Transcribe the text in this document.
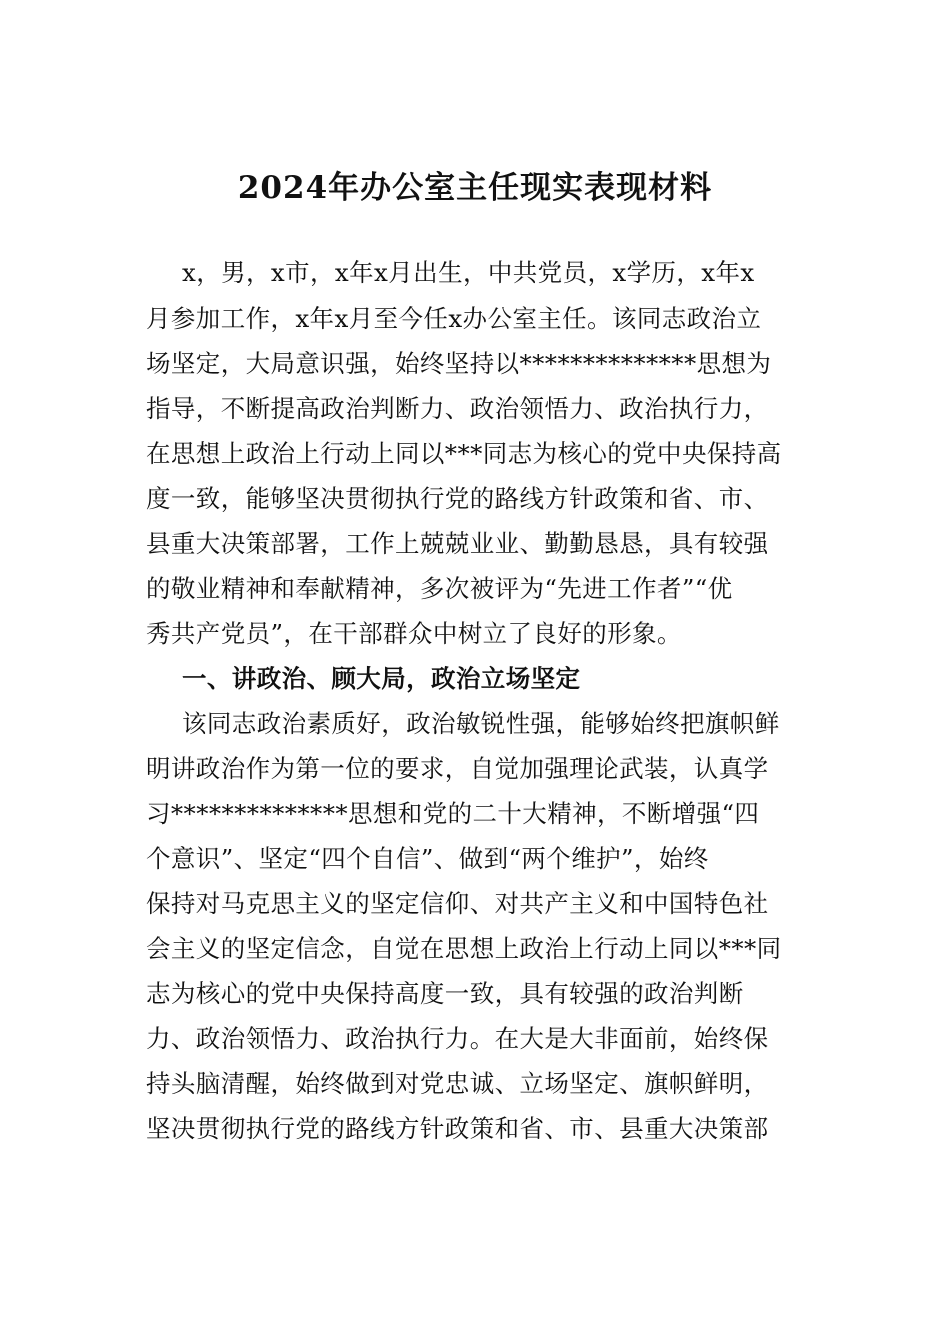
2024年办公室主任现实表现材料
x，男，x市，x年x月出生，中共党员，x学历，x年x
月参加工作，x年x月至今任x办公室主任。该同志政治立
场坚定，大局意识强，始终坚持以**************思想为
指导，不断提高政治判断力、政治领悟力、政治执行力，
在思想上政治上行动上同以***同志为核心的党中央保持高
度一致，能够坚决贯彻执行党的路线方针政策和省、市、
县重大决策部署，工作上兢兢业业、勤勤恳恳，具有较强
的敬业精神和奉献精神，多次被评为“先进工作者”“优
秀共产党员”，在干部群众中树立了良好的形象。
一、讲政治、顾大局，政治立场坚定
该同志政治素质好，政治敏锐性强，能够始终把旗帜鲜
明讲政治作为第一位的要求，自觉加强理论武装，认真学
习**************思想和党的二十大精神，不断增强“四
个意识”、坚定“四个自信”、做到“两个维护”，始终
保持对马克思主义的坚定信仰、对共产主义和中国特色社
会主义的坚定信念，自觉在思想上政治上行动上同以***同
志为核心的党中央保持高度一致，具有较强的政治判断
力、政治领悟力、政治执行力。在大是大非面前，始终保
持头脑清醒，始终做到对党忠诚、立场坚定、旗帜鲜明，
坚决贯彻执行党的路线方针政策和省、市、县重大决策部
